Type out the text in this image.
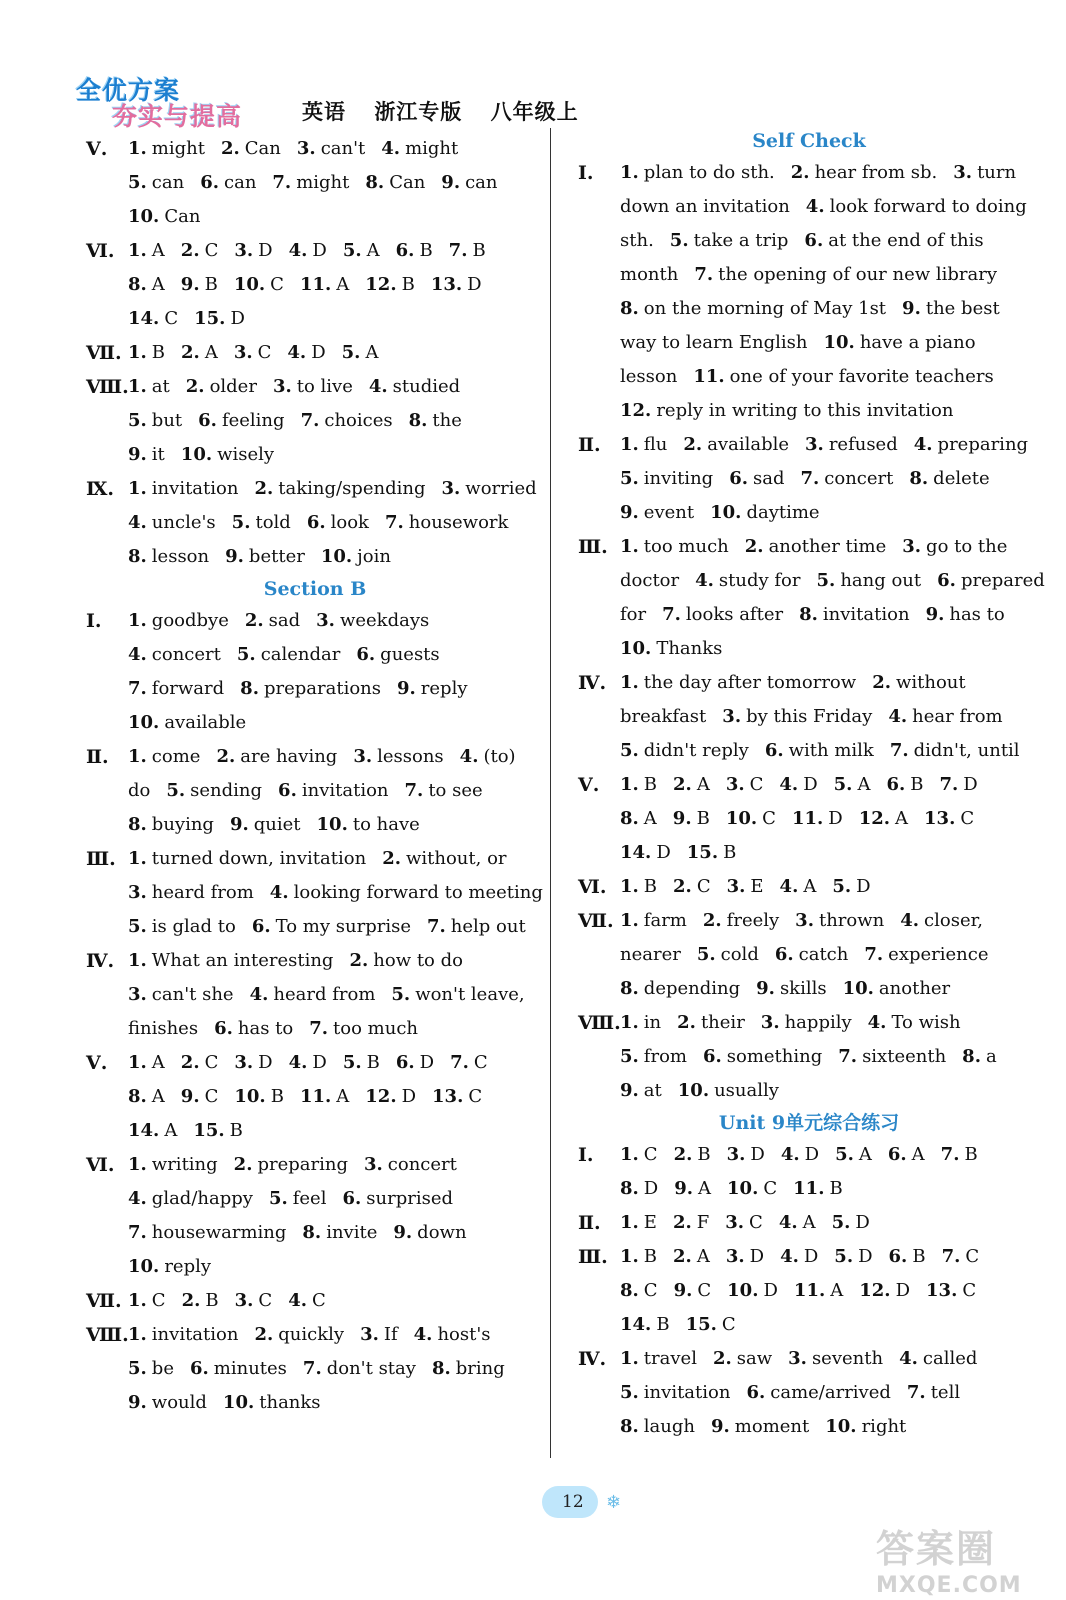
全优方案
夯实与提高	英语 浙江专版 八年级上
Ⅴ. 1. might 2. Can 3. can't 4. might
5. can 6. can 7. might 8. Can 9. can
10. Can
Ⅵ. 1. A 2. C 3. D 4. D 5. A 6. B 7. B
8. A 9. B 10. C 11. A 12. B 13. D
14. C 15. D
Ⅶ. 1. B 2. A 3. C 4. D 5. A
Ⅷ. 1. at 2. older 3. to live 4. studied
5. but 6. feeling 7. choices 8. the
9. it 10. wisely
Ⅸ. 1. invitation 2. taking/spending 3. worried
4. uncle's 5. told 6. look 7. housework
8. lesson 9. better 10. join
Section B
Ⅰ. 1. goodbye 2. sad 3. weekdays
4. concert 5. calendar 6. guests
7. forward 8. preparations 9. reply
10. available
Ⅱ. 1. come 2. are having 3. lessons 4. (to)
do 5. sending 6. invitation 7. to see
8. buying 9. quiet 10. to have
Ⅲ. 1. turned down, invitation 2. without, or
3. heard from 4. looking forward to meeting
5. is glad to 6. To my surprise 7. help out
Ⅳ. 1. What an interesting 2. how to do
3. can't she 4. heard from 5. won't leave,
finishes 6. has to 7. too much
Ⅴ. 1. A 2. C 3. D 4. D 5. B 6. D 7. C
8. A 9. C 10. B 11. A 12. D 13. C
14. A 15. B
Ⅵ. 1. writing 2. preparing 3. concert
4. glad/happy 5. feel 6. surprised
7. housewarming 8. invite 9. down
10. reply
Ⅶ. 1. C 2. B 3. C 4. C
Ⅷ. 1. invitation 2. quickly 3. If 4. host's
5. be 6. minutes 7. don't stay 8. bring
9. would 10. thanks
Self Check
Ⅰ. 1. plan to do sth. 2. hear from sb. 3. turn
down an invitation 4. look forward to doing
sth. 5. take a trip 6. at the end of this
month 7. the opening of our new library
8. on the morning of May 1st 9. the best
way to learn English 10. have a piano
lesson 11. one of your favorite teachers
12. reply in writing to this invitation
Ⅱ. 1. flu 2. available 3. refused 4. preparing
5. inviting 6. sad 7. concert 8. delete
9. event 10. daytime
Ⅲ. 1. too much 2. another time 3. go to the
doctor 4. study for 5. hang out 6. prepared
for 7. looks after 8. invitation 9. has to
10. Thanks
Ⅳ. 1. the day after tomorrow 2. without
breakfast 3. by this Friday 4. hear from
5. didn't reply 6. with milk 7. didn't, until
Ⅴ. 1. B 2. A 3. C 4. D 5. A 6. B 7. D
8. A 9. B 10. C 11. D 12. A 13. C
14. D 15. B
Ⅵ. 1. B 2. C 3. E 4. A 5. D
Ⅶ. 1. farm 2. freely 3. thrown 4. closer,
nearer 5. cold 6. catch 7. experience
8. depending 9. skills 10. another
Ⅷ. 1. in 2. their 3. happily 4. To wish
5. from 6. something 7. sixteenth 8. a
9. at 10. usually
Unit 9单元综合练习
Ⅰ. 1. C 2. B 3. D 4. D 5. A 6. A 7. B
8. D 9. A 10. C 11. B
Ⅱ. 1. E 2. F 3. C 4. A 5. D
Ⅲ. 1. B 2. A 3. D 4. D 5. D 6. B 7. C
8. C 9. C 10. D 11. A 12. D 13. C
14. B 15. C
Ⅳ. 1. travel 2. saw 3. seventh 4. called
5. invitation 6. came/arrived 7. tell
8. laugh 9. moment 10. right
12 ❄
答案圈
MXQE.COM
